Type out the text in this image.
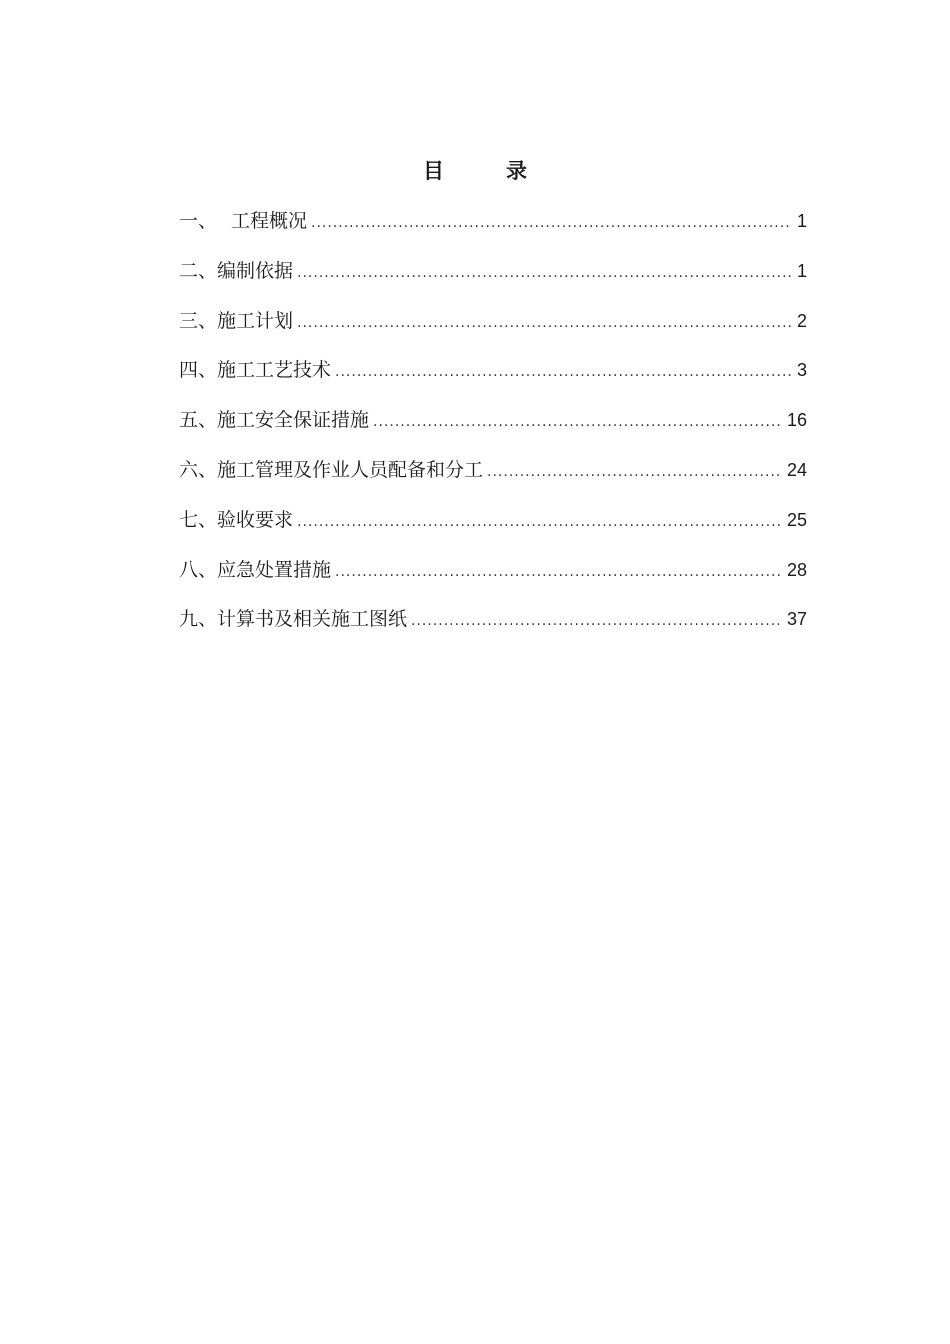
目	录
一、 工程概况 .....	1
二、 编制依据 .....	1
三、 施工计划 .....	2
四、 施工工艺技术 .....	3
五、 施工安全保证措施 .....	16
六、 施工管理及作业人员配备和分工 .....	24
七、 验收要求 .....	25
八、 应急处置措施 .....	28
九、 计算书及相关施工图纸 .....	37
